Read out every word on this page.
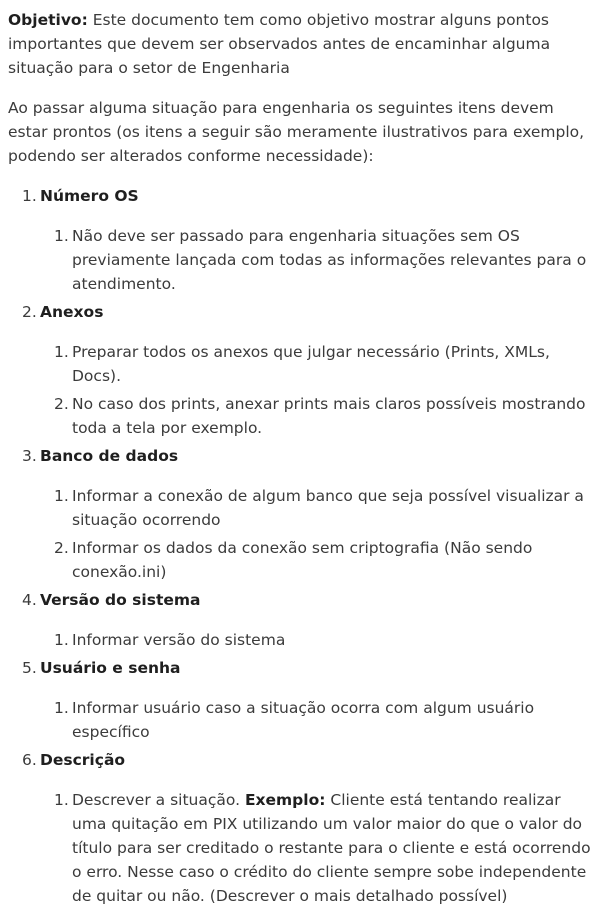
Objetivo: Este documento tem como objetivo mostrar alguns pontos importantes que devem ser observados antes de encaminhar alguma situação para o setor de Engenharia

Ao passar alguma situação para engenharia os seguintes itens devem estar prontos (os itens a seguir são meramente ilustrativos para exemplo, podendo ser alterados conforme necessidade):

1. Número OS
1. Não deve ser passado para engenharia situações sem OS previamente lançada com todas as informações relevantes para o atendimento.
2. Anexos
1. Preparar todos os anexos que julgar necessário (Prints, XMLs, Docs).
2. No caso dos prints, anexar prints mais claros possíveis mostrando toda a tela por exemplo.
3. Banco de dados
1. Informar a conexão de algum banco que seja possível visualizar a situação ocorrendo
2. Informar os dados da conexão sem criptografia (Não sendo conexão.ini)
4. Versão do sistema
1. Informar versão do sistema
5. Usuário e senha
1. Informar usuário caso a situação ocorra com algum usuário específico
6. Descrição
1. Descrever a situação. Exemplo: Cliente está tentando realizar uma quitação em PIX utilizando um valor maior do que o valor do título para ser creditado o restante para o cliente e está ocorrendo o erro. Nesse caso o crédito do cliente sempre sobe independente de quitar ou não. (Descrever o mais detalhado possível)
